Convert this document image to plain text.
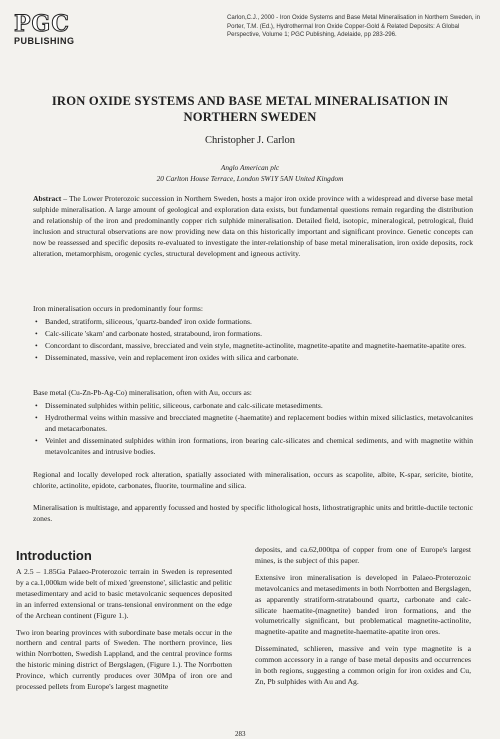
PGC
PUBLISHING
Carlon,C.J., 2000 - Iron Oxide Systems and Base Metal Mineralisation in Northern Sweden, in Porter, T.M. (Ed.), Hydrothermal Iron Oxide Copper-Gold & Related Deposits: A Global Perspective, Volume 1; PGC Publishing, Adelaide, pp 283-296.
IRON OXIDE SYSTEMS AND BASE METAL MINERALISATION IN
NORTHERN SWEDEN
Christopher J. Carlon
Anglo American plc
20 Carlton House Terrace, London SW1Y 5AN United Kingdom

Abstract – The Lower Proterozoic succession in Northern Sweden, hosts a major iron oxide province with a widespread and diverse base metal sulphide mineralisation. A large amount of geological and exploration data exists, but fundamental questions remain regarding the distribution and relationship of the iron and predominantly copper rich sulphide mineralisation. Detailed field, isotopic, mineralogical, petrological, fluid inclusion and structural observations are now providing new data on this historically important and significant province. Genetic concepts can now be reassessed and specific deposits re-evaluated to investigate the inter-relationship of base metal mineralisation, iron oxide deposits, rock alteration, metamorphism, orogenic cycles, structural development and igneous activity.

Iron mineralisation occurs in predominantly four forms:

• Banded, stratiform, siliceous, 'quartz-banded' iron oxide formations.
• Calc-silicate 'skarn' and carbonate hosted, stratabound, iron formations.
• Concordant to discordant, massive, brecciated and vein style, magnetite-actinolite, magnetite-apatite and magnetite-haematite-apatite ores.
• Disseminated, massive, vein and replacement iron oxides with silica and carbonate.

Base metal (Cu-Zn-Pb-Ag-Co) mineralisation, often with Au, occurs as:

• Disseminated sulphides within pelitic, siliceous, carbonate and calc-silicate metasediments.
• Hydrothermal veins within massive and brecciated magnetite (-haematite) and replacement bodies within mixed siliclastics, metavolcanites and metacarbonates.
• Veinlet and disseminated sulphides within iron formations, iron bearing calc-silicates and chemical sediments, and with magnetite within metavolcanites and intrusive bodies.

Regional and locally developed rock alteration, spatially associated with mineralisation, occurs as scapolite, albite, K-spar, sericite, biotite, chlorite, actinolite, epidote, carbonates, fluorite, tourmaline and silica.

Mineralisation is multistage, and apparently focussed and hosted by specific lithological hosts, lithostratigraphic units and brittle-ductile tectonic zones.

Introduction

A 2.5 – 1.85Ga Palaeo-Proterozoic terrain in Sweden is represented by a ca.1,000km wide belt of mixed 'greenstone', siliclastic and pelitic metasedimentary and acid to basic metavolcanic sequences deposited in an inferred extensional or trans-tensional environment on the edge of the Archean continent (Figure 1.).

Two iron bearing provinces with subordinate base metals occur in the northern and central parts of Sweden. The northern province, lies within Norrbotten, Swedish Lappland, and the central province forms the historic mining district of Bergslagen, (Figure 1.). The Norrbotten Province, which currently produces over 30Mpa of iron ore and processed pellets from Europe's largest magnetite

deposits, and ca.62,000tpa of copper from one of Europe's largest mines, is the subject of this paper.

Extensive iron mineralisation is developed in Palaeo-Proterozoic metavolcanics and metasediments in both Norrbotten and Bergslagen, as apparently stratiform-stratabound quartz, carbonate and calc-silicate haematite-(magnetite) banded iron formations, and the volumetrically significant, but problematical magnetite-actinolite, magnetite-apatite and magnetite-haematite-apatite iron ores.

Disseminated, schlieren, massive and vein type magnetite is a common accessory in a range of base metal deposits and occurrences in both regions, suggesting a common origin for iron oxides and Cu, Zn, Pb sulphides with Au and Ag.

283
